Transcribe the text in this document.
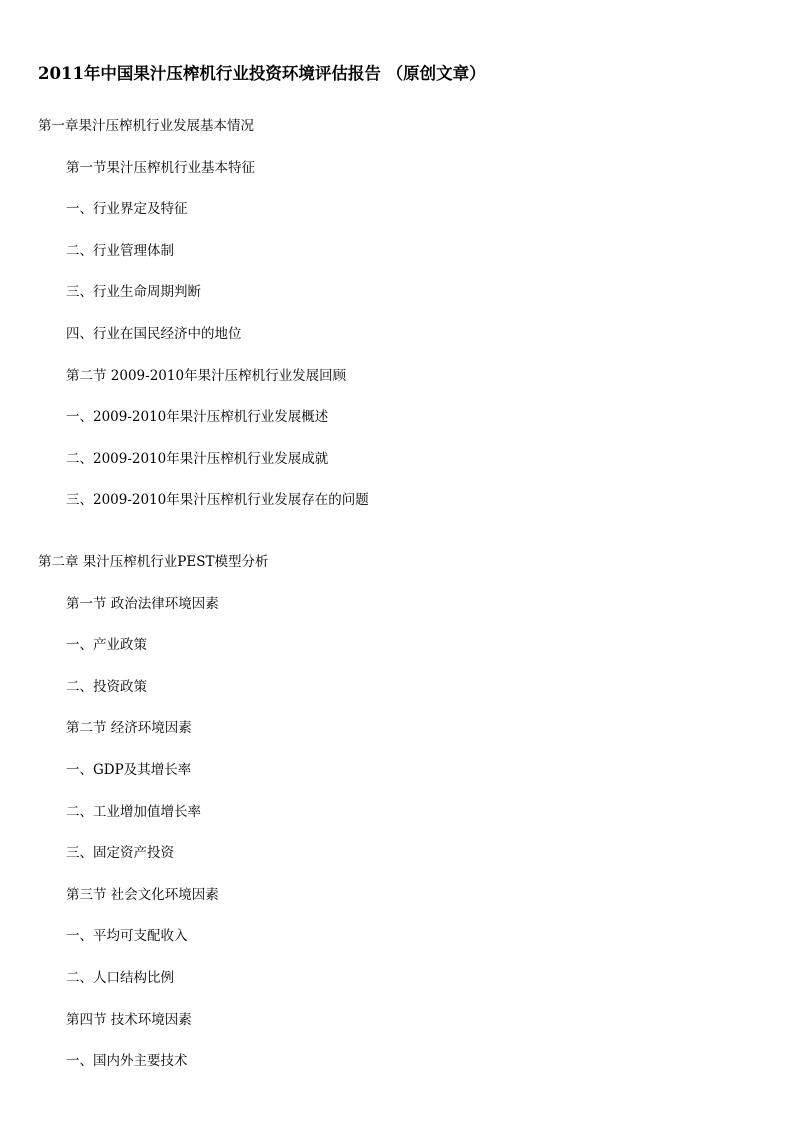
2011年中国果汁压榨机行业投资环境评估报告 （原创文章）
第一章果汁压榨机行业发展基本情况
第一节果汁压榨机行业基本特征
一、行业界定及特征
二、行业管理体制
三、行业生命周期判断
四、行业在国民经济中的地位
第二节 2009-2010年果汁压榨机行业发展回顾
一、2009-2010年果汁压榨机行业发展概述
二、2009-2010年果汁压榨机行业发展成就
三、2009-2010年果汁压榨机行业发展存在的问题
第二章 果汁压榨机行业PEST模型分析
第一节 政治法律环境因素
一、产业政策
二、投资政策
第二节 经济环境因素
一、GDP及其增长率
二、工业增加值增长率
三、固定资产投资
第三节 社会文化环境因素
一、平均可支配收入
二、人口结构比例
第四节 技术环境因素
一、国内外主要技术
